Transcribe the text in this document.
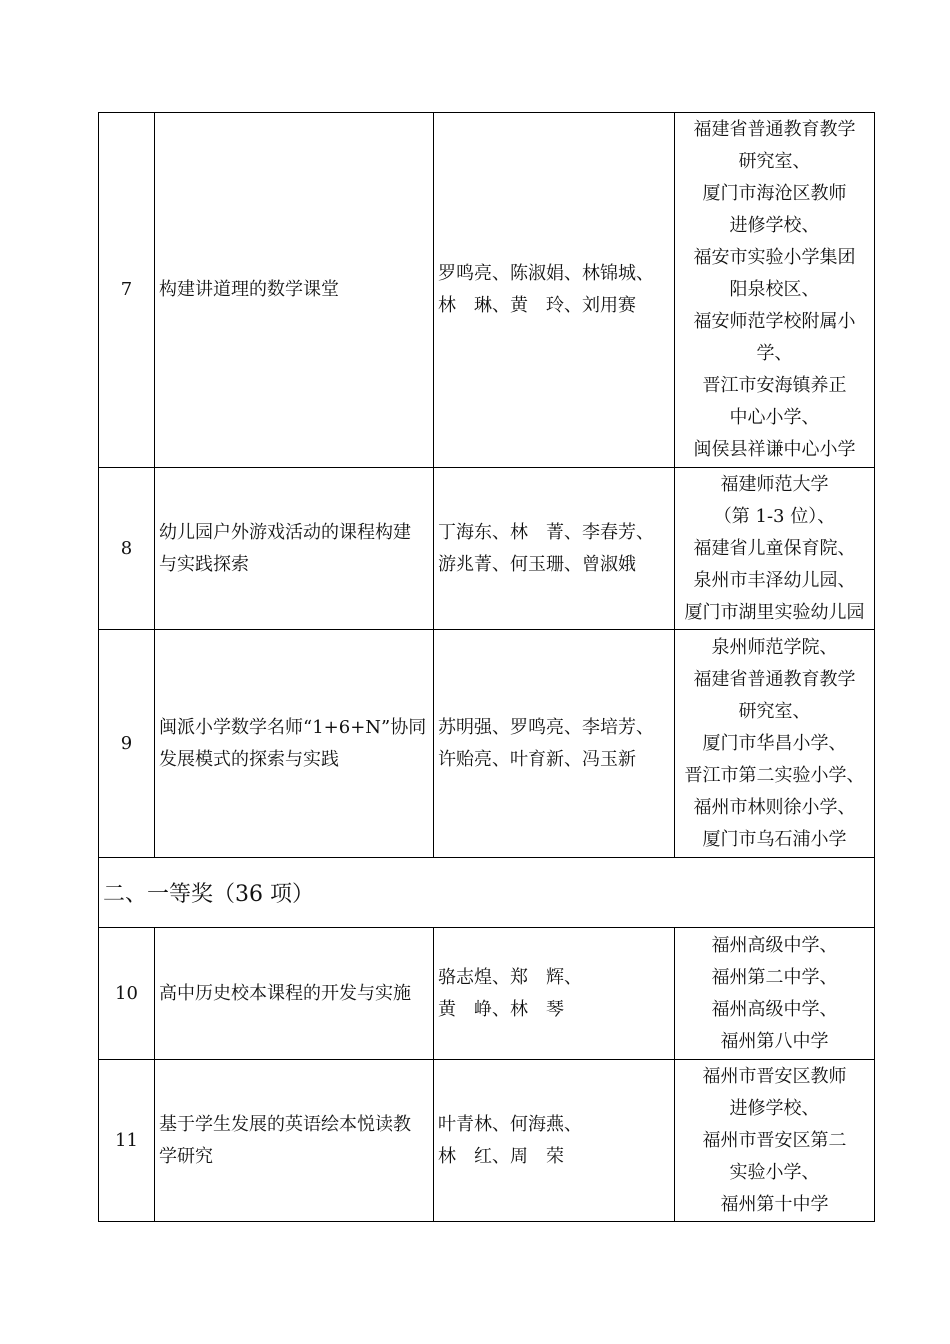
7	构建讲道理的数学课堂
罗鸣亮、陈淑娟、林锦城、
林　琳、黄　玲、刘用赛
福建省普通教育教学
研究室、
厦门市海沧区教师
进修学校、
福安市实验小学集团
阳泉校区、
福安师范学校附属小
学、
晋江市安海镇养正
中心小学、
闽侯县祥谦中心小学
8
幼儿园户外游戏活动的课程构建
与实践探索
丁海东、林　菁、李春芳、
游兆菁、何玉珊、曾淑娥
福建师范大学
（第 1-3 位）、
福建省儿童保育院、
泉州市丰泽幼儿园、
厦门市湖里实验幼儿园
9
闽派小学数学名师“1+6+N”协同
发展模式的探索与实践
苏明强、罗鸣亮、李培芳、
许贻亮、叶育新、冯玉新
泉州师范学院、
福建省普通教育教学
研究室、
厦门市华昌小学、
晋江市第二实验小学、
福州市林则徐小学、
厦门市乌石浦小学
二、一等奖（36 项）
10	高中历史校本课程的开发与实施
骆志煌、郑　辉、
黄　峥、林　琴
福州高级中学、
福州第二中学、
福州高级中学、
福州第八中学
11
基于学生发展的英语绘本悦读教
学研究
叶青林、何海燕、
林　红、周　荣
福州市晋安区教师
进修学校、
福州市晋安区第二
实验小学、
福州第十中学
